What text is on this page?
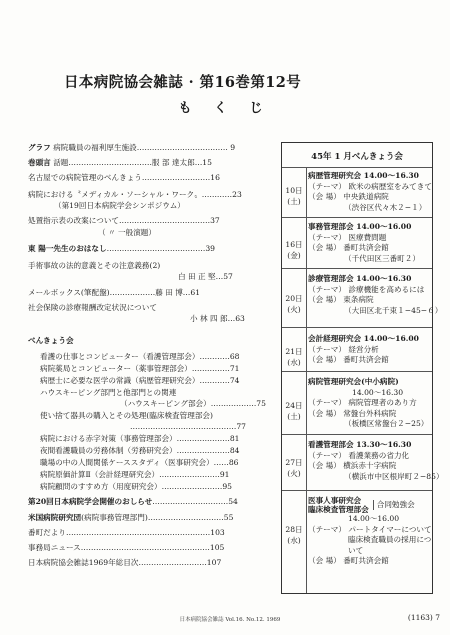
日本病院協会雑誌 · 第16巻第12号
も く じ
グラフ 病院職員の福利厚生施設……………………………… 9
巻頭言 話題……………………………服 部 達太郎…15
名古屋での病院管理のべんきょう………………………16
病院における〝メディカル・ソーシャル・ワーク〟…………23
（第19回日本病院学会シンポジウム）
処置指示表の改案について………………………………37
（ 〃 一般演題）
東 陽一先生のおはなし…………………………………39
手術事故の法的意義とその注意義務(2)
白 田 正 堅…57
メールボックス(筆配盤)………………藤 田 博…61
社会保険の診療報酬改定状況について
小 林 四 郎…63
べんきょう会
看護の仕事とコンピューター（看護管理部会）…………68
病院薬局とコンピューター（薬事管理部会）……………71
病歴士に必要な医学の常識（病歴管理研究会）…………74
ハウスキーピング部門と他部門との関連
（ハウスキーピング部会）………………75
使い捨て器具の購入とその処理(臨床検査管理部会)
……………………………………77
病院における赤字対策（事務管理部会）…………………81
夜間看護職員の労務体制（労務研究会）…………………84
職場の中の人間関係ケーススタディ（医事研究会）……86
病院原価計算Ⅱ（会計経理研究会）……………………91
病院顧問のすすめ方（用度研究会）……………………95
第20回日本病院学会開催のおしらせ…………………………54
米国病院研究団(病院事務管理部門)…………………………55
番町だより…………………………………………………103
事務局ニュース……………………………………………105
日本病院協会雑誌1969年総目次………………………107
45年 1 月べんきょう会
10日
(土)
病歴管理研究会 14.00〜16.30
（テーマ） 欧米の病歴室をみてきて
（会 場） 中央鉄道病院
（渋谷区代々木２−１）
16日
(金)
事務管理部会 14.00〜16.00
（テーマ） 医療費問題
（会 場） 番町共済会館
（千代田区三番町２）
20日
(火)
診療管理部会 14.00〜16.30
（テーマ） 診療機能を高めるには
（会 場） 東条病院
（大田区北千束１−45−６）
21日
(水)
会計経理研究会 14.00〜16.00
（テーマ） 経営分析
（会 場） 番町共済会館
24日
(土)
病院管理研究会(中小病院)
14.00〜16.30
（テーマ） 病院管理者のあり方
（会 場） 常盤台外科病院
（板橋区常盤台２−25）
27日
(火)
看護管理部会 13.30〜16.30
（テーマ） 看護業務の省力化
（会 場） 横浜赤十字病院
（横浜市中区根岸町２−85）
28日
(水)
医事人事研究会
臨床検査管理部会
合同勉強会
14.00〜16.00
（テーマ） パートタイマーについて
臨床検査職員の採用につ
いて
（会 場） 番町共済会館
日本病院協会雑誌 Vol.16. No.12. 1969	(1163) 7
